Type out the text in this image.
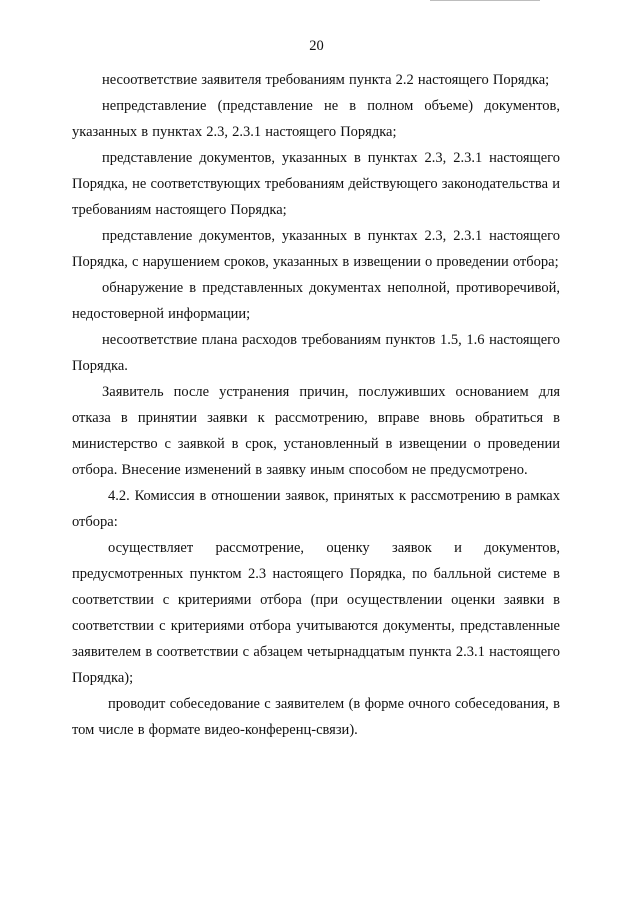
20

несоответствие заявителя требованиям пункта 2.2 настоящего Порядка;

непредставление (представление не в полном объеме) документов, указанных в пунктах 2.3, 2.3.1 настоящего Порядка;

представление документов, указанных в пунктах 2.3, 2.3.1 настоящего Порядка, не соответствующих требованиям действующего законодательства и требованиям настоящего Порядка;

представление документов, указанных в пунктах 2.3, 2.3.1 настоящего Порядка, с нарушением сроков, указанных в извещении о проведении отбора;

обнаружение в представленных документах неполной, противоречивой, недостоверной информации;

несоответствие плана расходов требованиям пунктов 1.5, 1.6 настоящего Порядка.

Заявитель после устранения причин, послуживших основанием для отказа в принятии заявки к рассмотрению, вправе вновь обратиться в министерство с заявкой в срок, установленный в извещении о проведении отбора. Внесение изменений в заявку иным способом не предусмотрено.

4.2. Комиссия в отношении заявок, принятых к рассмотрению в рамках отбора:

осуществляет рассмотрение, оценку заявок и документов, предусмотренных пунктом 2.3 настоящего Порядка, по балльной системе в соответствии с критериями отбора (при осуществлении оценки заявки в соответствии с критериями отбора учитываются документы, представленные заявителем в соответствии с абзацем четырнадцатым пункта 2.3.1 настоящего Порядка);

проводит собеседование с заявителем (в форме очного собеседования, в том числе в формате видео-конференц-связи).
